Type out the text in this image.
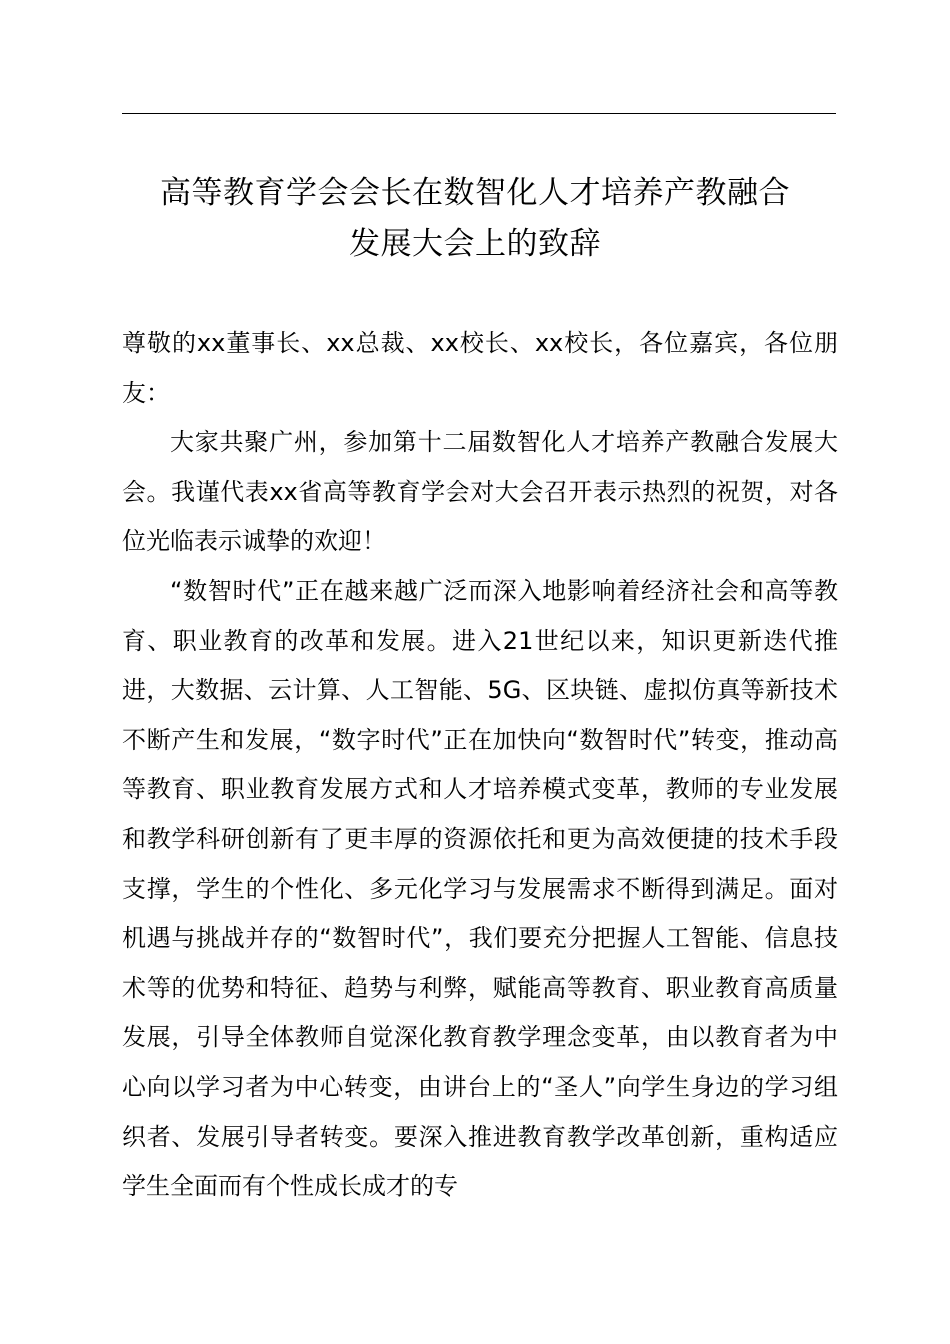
高等教育学会会长在数智化人才培养产教融合
发展大会上的致辞

尊敬的xx董事长、xx总裁、xx校长、xx校长，各位嘉宾，各位朋友：

大家共聚广州，参加第十二届数智化人才培养产教融合发展大会。我谨代表xx省高等教育学会对大会召开表示热烈的祝贺，对各位光临表示诚挚的欢迎！

“数智时代”正在越来越广泛而深入地影响着经济社会和高等教育、职业教育的改革和发展。进入21世纪以来，知识更新迭代推进，大数据、云计算、人工智能、5G、区块链、虚拟仿真等新技术不断产生和发展，“数字时代”正在加快向“数智时代”转变，推动高等教育、职业教育发展方式和人才培养模式变革，教师的专业发展和教学科研创新有了更丰厚的资源依托和更为高效便捷的技术手段支撑，学生的个性化、多元化学习与发展需求不断得到满足。面对机遇与挑战并存的“数智时代”，我们要充分把握人工智能、信息技术等的优势和特征、趋势与利弊，赋能高等教育、职业教育高质量发展，引导全体教师自觉深化教育教学理念变革，由以教育者为中心向以学习者为中心转变，由讲台上的“圣人”向学生身边的学习组织者、发展引导者转变。要深入推进教育教学改革创新，重构适应学生全面而有个性成长成才的专
